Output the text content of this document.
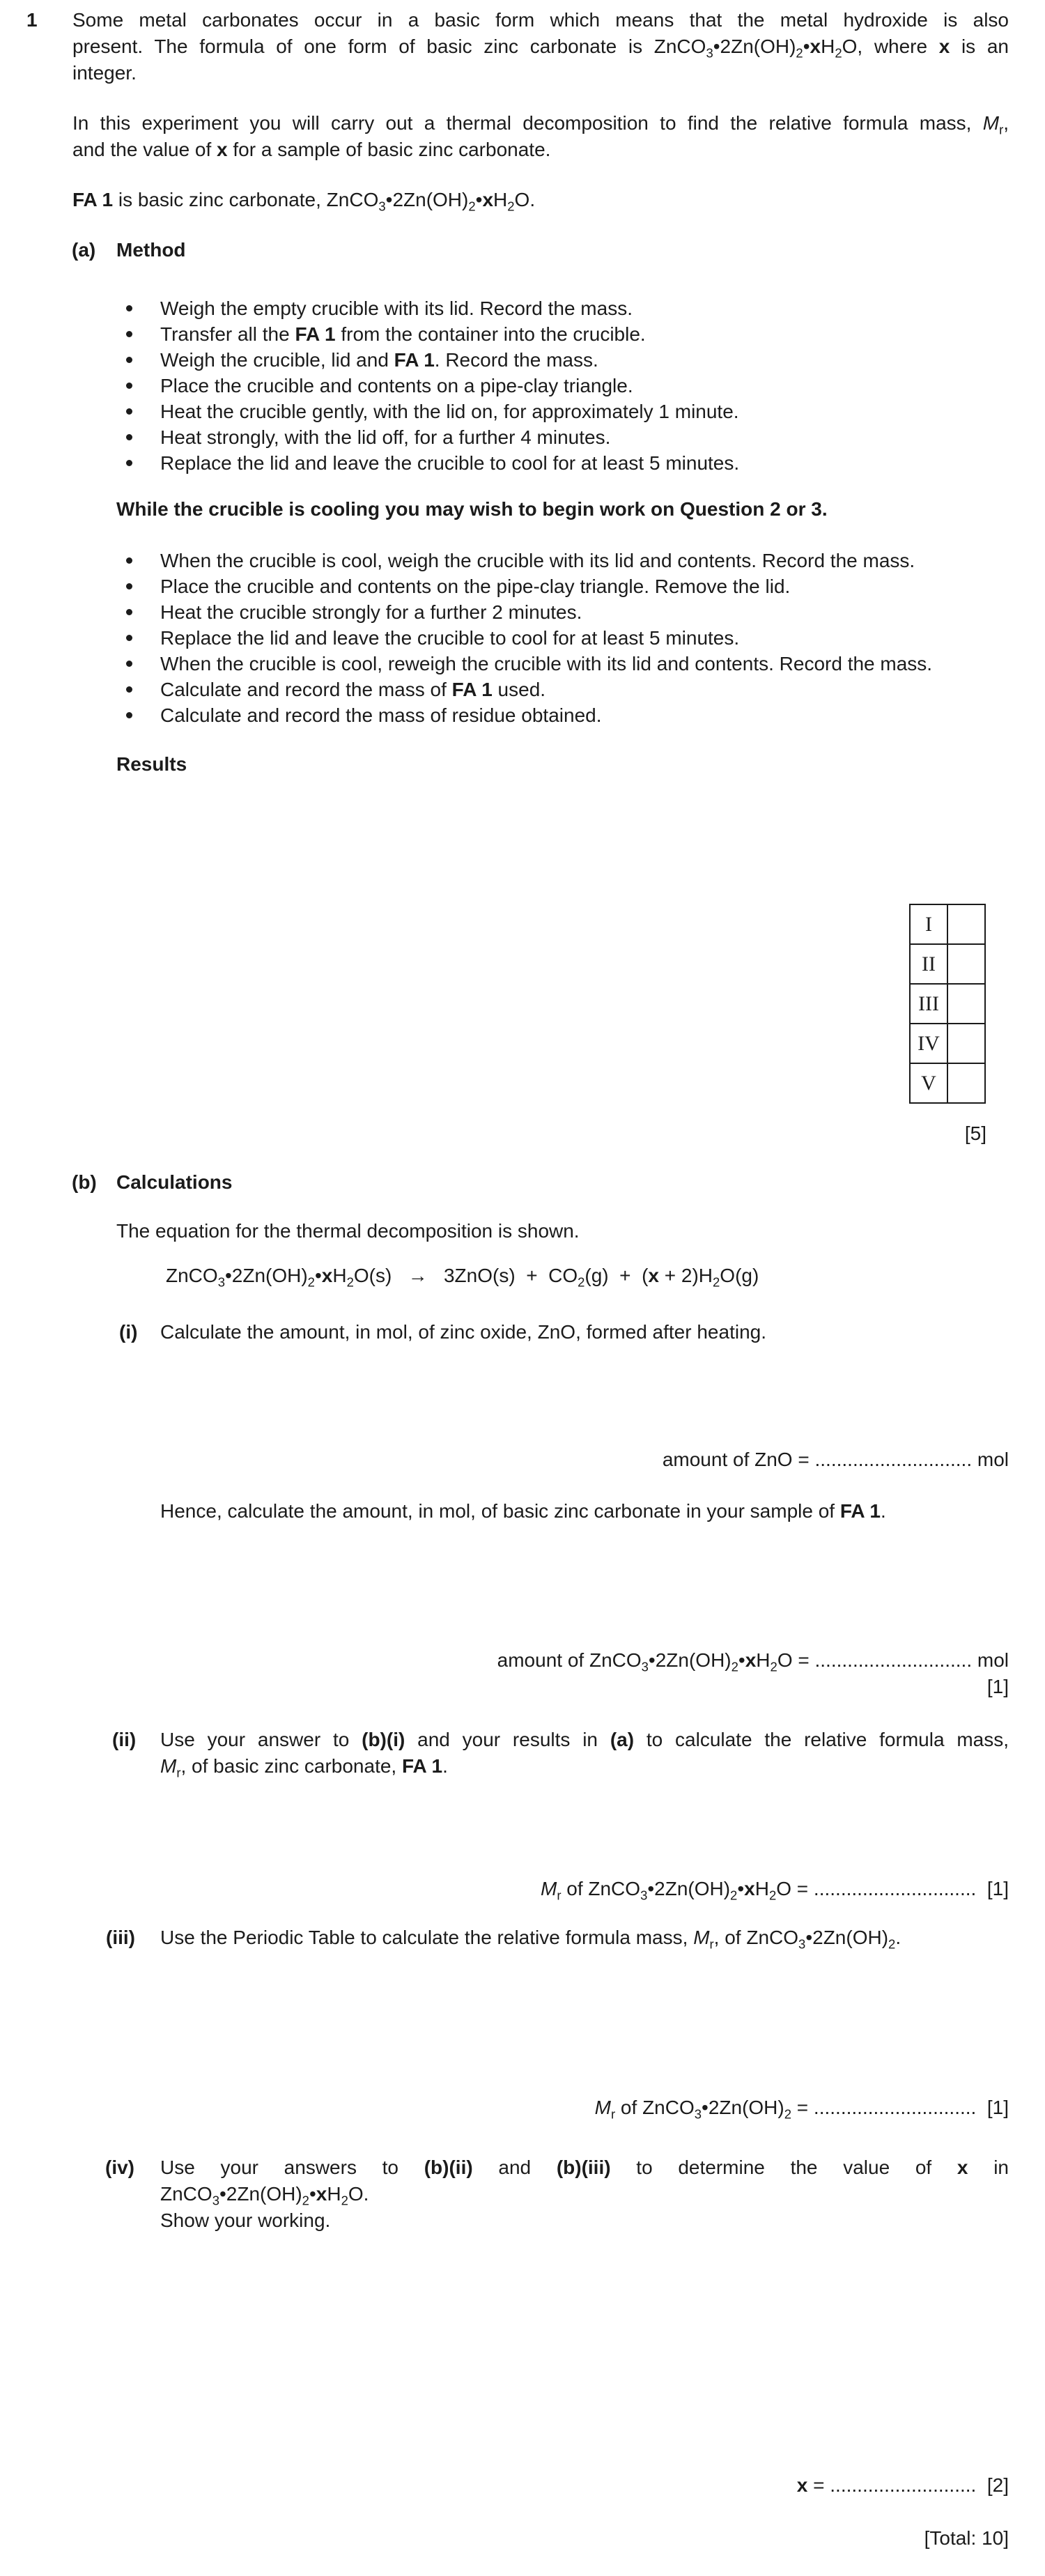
1 Some metal carbonates occur in a basic form which means that the metal hydroxide is also
present. The formula of one form of basic zinc carbonate is $ZnCO_3•2Zn(OH)_2•xH_2O$, where x is an
integer.
In this experiment you will carry out a thermal decomposition to find the relative formula mass, $M_r$,
and the value of x for a sample of basic zinc carbonate.
FA 1 is basic zinc carbonate, $ZnCO_3•2Zn(OH)_2•xH_2O$.
(a) Method
Weigh the empty crucible with its lid. Record the mass.
Transfer all the FA 1 from the container into the crucible.
Weigh the crucible, lid and FA 1. Record the mass.
Place the crucible and contents on a pipe-clay triangle.
Heat the crucible gently, with the lid on, for approximately 1 minute.
Heat strongly, with the lid off, for a further 4 minutes.
Replace the lid and leave the crucible to cool for at least 5 minutes.
While the crucible is cooling you may wish to begin work on Question 2 or 3.
When the crucible is cool, weigh the crucible with its lid and contents. Record the mass.
Place the crucible and contents on the pipe-clay triangle. Remove the lid.
Heat the crucible strongly for a further 2 minutes.
Replace the lid and leave the crucible to cool for at least 5 minutes.
When the crucible is cool, reweigh the crucible with its lid and contents. Record the mass.
Calculate and record the mass of FA 1 used.
Calculate and record the mass of residue obtained.
Results
I	
II	
III	
IV	
V	
[5]
(b) Calculations
The equation for the thermal decomposition is shown.
$ZnCO_3•2Zn(OH)_2•xH_2O(s) \to 3ZnO(s) + CO_2(g) + (x + 2)H_2O(g)$
(i) Calculate the amount, in mol, of zinc oxide, ZnO, formed after heating.
amount of ZnO = ............................. mol
Hence, calculate the amount, in mol, of basic zinc carbonate in your sample of FA 1.
amount of $ZnCO_3•2Zn(OH)_2•xH_2O$ = ............................. mol
[1]
(ii) Use your answer to (b)(i) and your results in (a) to calculate the relative formula mass,
$M_r$, of basic zinc carbonate, FA 1.
$M_r$ of $ZnCO_3•2Zn(OH)_2•xH_2O$ = ..............................  [1]
(iii) Use the Periodic Table to calculate the relative formula mass, $M_r$, of $ZnCO_3•2Zn(OH)_2$.
$M_r$ of $ZnCO_3•2Zn(OH)_2$ = ..............................  [1]
(iv) Use your answers to (b)(ii) and (b)(iii) to determine the value of x in
$ZnCO_3•2Zn(OH)_2•xH_2O$.
Show your working.
x = ...........................  [2]
[Total: 10]
